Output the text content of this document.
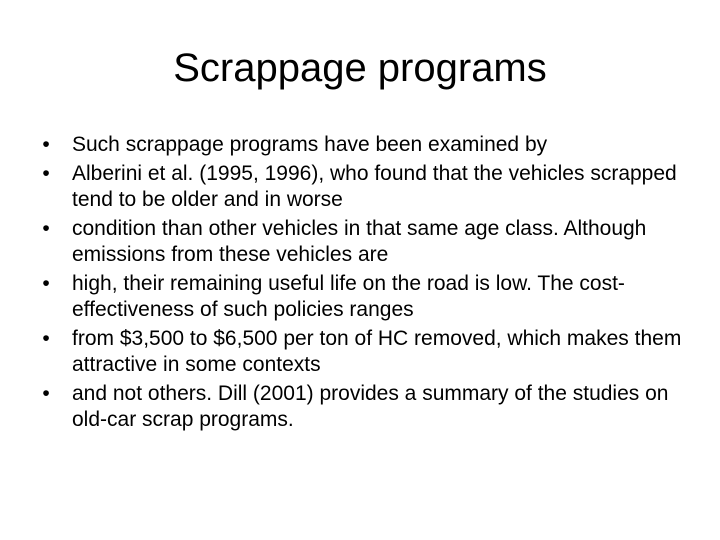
Scrappage programs
•	Such scrappage programs have been examined by
•	Alberini et al. (1995, 1996), who found that the vehicles scrapped tend to be older and in worse
•	condition than other vehicles in that same age class. Although emissions from these vehicles are
•	high, their remaining useful life on the road is low. The cost-effectiveness of such policies ranges
•	from $3,500 to $6,500 per ton of HC removed, which makes them attractive in some contexts
•	and not others. Dill (2001) provides a summary of the studies on old-car scrap programs.
